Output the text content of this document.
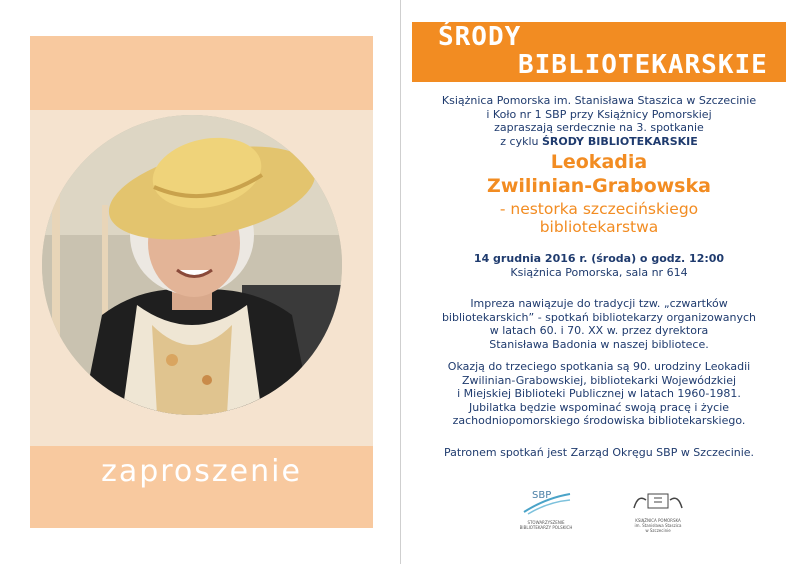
zaproszenie
ŚRODY
BIBLIOTEKARSKIE
Książnica Pomorska im. Stanisława Staszica w Szczecinie
i Koło nr 1 SBP przy Książnicy Pomorskiej
zapraszają serdecznie na 3. spotkanie
z cyklu ŚRODY BIBLIOTEKARSKIE
Leokadia
Zwilinian-Grabowska
- nestorka szczecińskiego
bibliotekarstwa
14 grudnia 2016 r. (środa) o godz. 12:00
Książnica Pomorska, sala nr 614
Impreza nawiązuje do tradycji tzw. „czwartków
bibliotekarskich” - spotkań bibliotekarzy organizowanych
w latach 60. i 70. XX w. przez dyrektora
Stanisława Badonia w naszej bibliotece.
Okazją do trzeciego spotkania są 90. urodziny Leokadii
Zwilinian-Grabowskiej, bibliotekarki Wojewódzkiej
i Miejskiej Biblioteki Publicznej w latach 1960-1981.
Jubilatka będzie wspominać swoją pracę i życie
zachodniopomorskiego środowiska bibliotekarskiego.
Patronem spotkań jest Zarząd Okręgu SBP w Szczecinie.
SBP
STOWARZYSZENIE BIBLIOTEKARZY POLSKICH
KSIĄŻNICA POMORSKA
im. Stanisława Staszica
w Szczecinie
